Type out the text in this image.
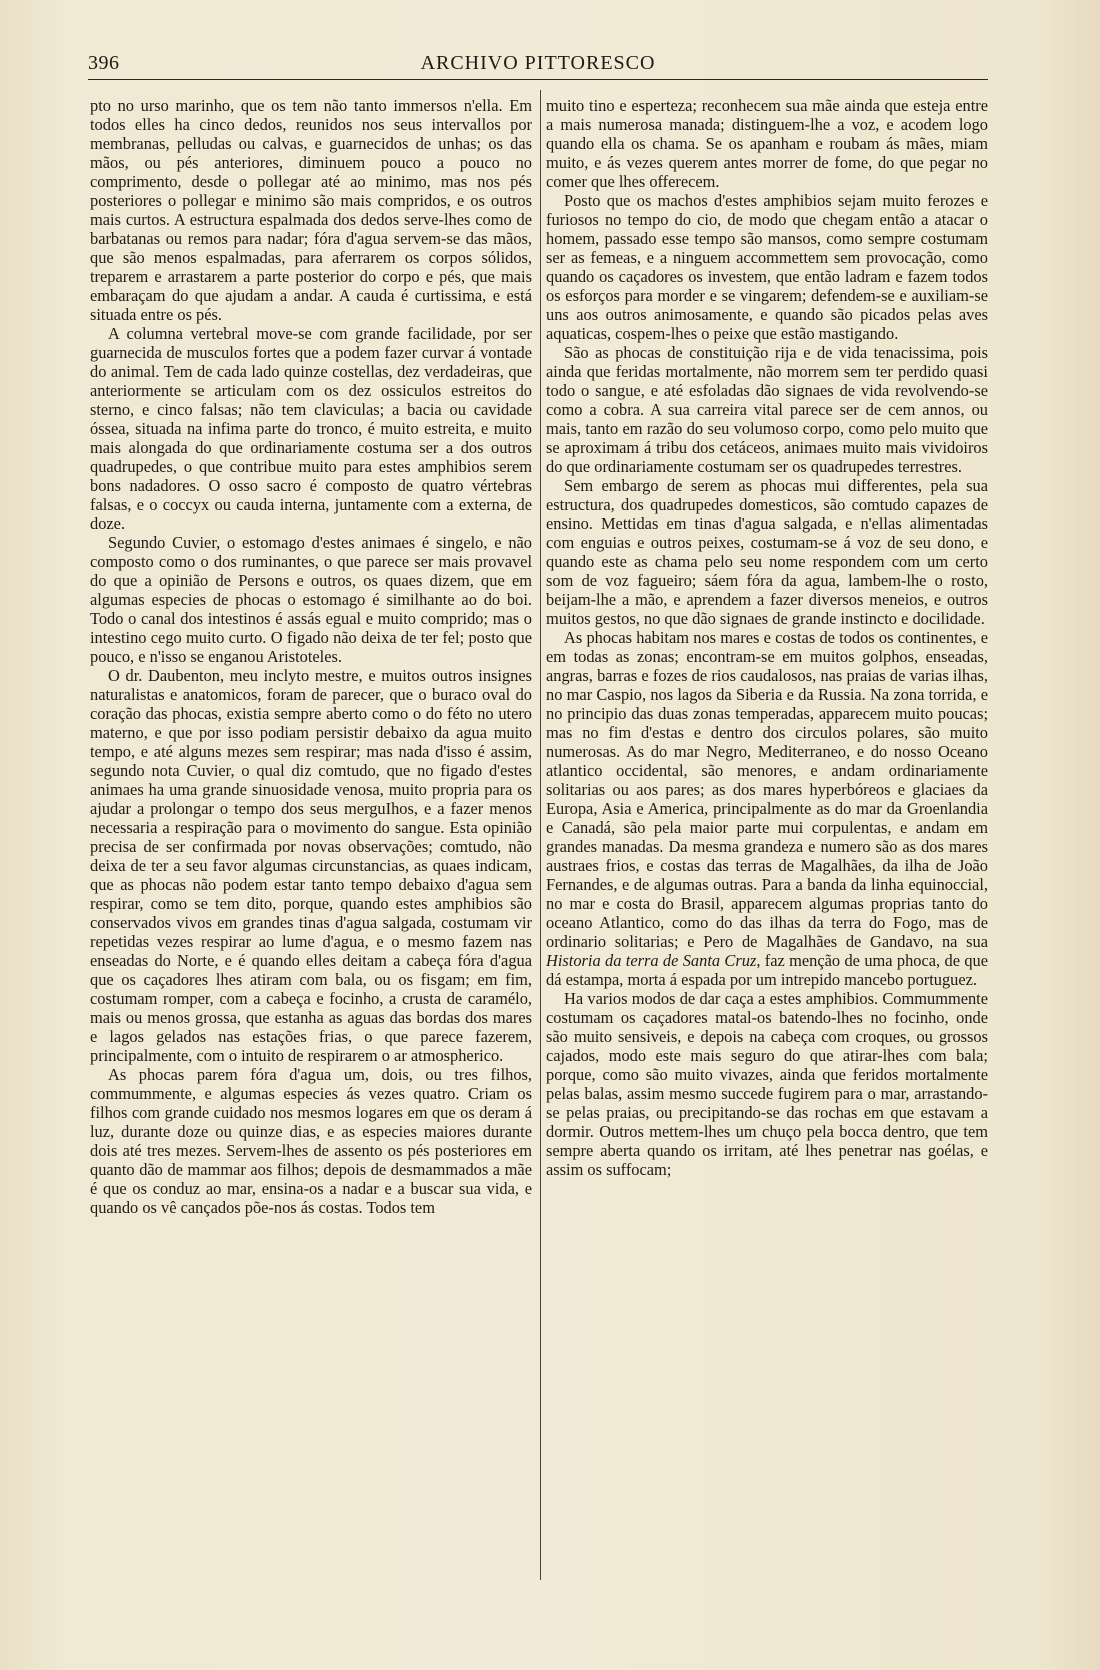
396	ARCHIVO PITTORESCO

pto no urso marinho, que os tem não tanto immersos n'ella. Em todos elles ha cinco dedos, reunidos nos seus intervallos por membranas, pelludas ou calvas, e guarnecidos de unhas; os das mãos, ou pés anteriores, diminuem pouco a pouco no comprimento, desde o pollegar até ao minimo, mas nos pés posteriores o pollegar e minimo são mais compridos, e os outros mais curtos. A estructura espalmada dos dedos serve-lhes como de barbatanas ou remos para nadar; fóra d'agua servem-se das mãos, que são menos espalmadas, para aferrarem os corpos sólidos, treparem e arrastarem a parte posterior do corpo e pés, que mais embaraçam do que ajudam a andar. A cauda é curtissima, e está situada entre os pés.

A columna vertebral move-se com grande facilidade, por ser guarnecida de musculos fortes que a podem fazer curvar á vontade do animal. Tem de cada lado quinze costellas, dez verdadeiras, que anteriormente se articulam com os dez ossiculos estreitos do sterno, e cinco falsas; não tem claviculas; a bacia ou cavidade óssea, situada na infima parte do tronco, é muito estreita, e muito mais alongada do que ordinariamente costuma ser a dos outros quadrupedes, o que contribue muito para estes amphibios serem bons nadadores. O osso sacro é composto de quatro vértebras falsas, e o coccyx ou cauda interna, juntamente com a externa, de doze.

Segundo Cuvier, o estomago d'estes animaes é singelo, e não composto como o dos ruminantes, o que parece ser mais provavel do que a opinião de Persons e outros, os quaes dizem, que em algumas especies de phocas o estomago é similhante ao do boi. Todo o canal dos intestinos é assás egual e muito comprido; mas o intestino cego muito curto. O figado não deixa de ter fel; posto que pouco, e n'isso se enganou Aristoteles.

O dr. Daubenton, meu inclyto mestre, e muitos outros insignes naturalistas e anatomicos, foram de parecer, que o buraco oval do coração das phocas, existia sempre aberto como o do féto no utero materno, e que por isso podiam persistir debaixo da agua muito tempo, e até alguns mezes sem respirar; mas nada d'isso é assim, segundo nota Cuvier, o qual diz comtudo, que no figado d'estes animaes ha uma grande sinuosidade venosa, muito propria para os ajudar a prolongar o tempo dos seus merguIhos, e a fazer menos necessaria a respiração para o movimento do sangue. Esta opinião precisa de ser confirmada por novas observações; comtudo, não deixa de ter a seu favor algumas circunstancias, as quaes indicam, que as phocas não podem estar tanto tempo debaixo d'agua sem respirar, como se tem dito, porque, quando estes amphibios são conservados vivos em grandes tinas d'agua salgada, costumam vir repetidas vezes respirar ao lume d'agua, e o mesmo fazem nas enseadas do Norte, e é quando elles deitam a cabeça fóra d'agua que os caçadores lhes atiram com bala, ou os fisgam; em fim, costumam romper, com a cabeça e focinho, a crusta de caramélo, mais ou menos grossa, que estanha as aguas das bordas dos mares e lagos gelados nas estações frias, o que parece fazerem, principalmente, com o intuito de respirarem o ar atmospherico.

As phocas parem fóra d'agua um, dois, ou tres filhos, commummente, e algumas especies ás vezes quatro. Criam os filhos com grande cuidado nos mesmos logares em que os deram á luz, durante doze ou quinze dias, e as especies maiores durante dois até tres mezes. Servem-lhes de assento os pés posteriores em quanto dão de mammar aos filhos; depois de desmammados a mãe é que os conduz ao mar, ensina-os a nadar e a buscar sua vida, e quando os vê cançados põe-nos ás costas. Todos tem

muito tino e esperteza; reconhecem sua mãe ainda que esteja entre a mais numerosa manada; distinguem-lhe a voz, e acodem logo quando ella os chama. Se os apanham e roubam ás mães, miam muito, e ás vezes querem antes morrer de fome, do que pegar no comer que lhes offerecem.

Posto que os machos d'estes amphibios sejam muito ferozes e furiosos no tempo do cio, de modo que chegam então a atacar o homem, passado esse tempo são mansos, como sempre costumam ser as femeas, e a ninguem accommettem sem provocação, como quando os caçadores os investem, que então ladram e fazem todos os esforços para morder e se vingarem; defendem-se e auxiliam-se uns aos outros animosamente, e quando são picados pelas aves aquaticas, cospem-lhes o peixe que estão mastigando.

São as phocas de constituição rija e de vida tenacissima, pois ainda que feridas mortalmente, não morrem sem ter perdido quasi todo o sangue, e até esfoladas dão signaes de vida revolvendo-se como a cobra. A sua carreira vital parece ser de cem annos, ou mais, tanto em razão do seu volumoso corpo, como pelo muito que se aproximam á tribu dos cetáceos, animaes muito mais vividoiros do que ordinariamente costumam ser os quadrupedes terrestres.

Sem embargo de serem as phocas mui differentes, pela sua estructura, dos quadrupedes domesticos, são comtudo capazes de ensino. Mettidas em tinas d'agua salgada, e n'ellas alimentadas com enguias e outros peixes, costumam-se á voz de seu dono, e quando este as chama pelo seu nome respondem com um certo som de voz fagueiro; sáem fóra da agua, lambem-lhe o rosto, beijam-lhe a mão, e aprendem a fazer diversos meneios, e outros muitos gestos, no que dão signaes de grande instincto e docilidade.

As phocas habitam nos mares e costas de todos os continentes, e em todas as zonas; encontram-se em muitos golphos, enseadas, angras, barras e fozes de rios caudalosos, nas praias de varias ilhas, no mar Caspio, nos lagos da Siberia e da Russia. Na zona torrida, e no principio das duas zonas temperadas, apparecem muito poucas; mas no fim d'estas e dentro dos circulos polares, são muito numerosas. As do mar Negro, Mediterraneo, e do nosso Oceano atlantico occidental, são menores, e andam ordinariamente solitarias ou aos pares; as dos mares hyperbóreos e glaciaes da Europa, Asia e America, principalmente as do mar da Groenlandia e Canadá, são pela maior parte mui corpulentas, e andam em grandes manadas. Da mesma grandeza e numero são as dos mares austraes frios, e costas das terras de Magalhães, da ilha de João Fernandes, e de algumas outras. Para a banda da linha equinoccial, no mar e costa do Brasil, apparecem algumas proprias tanto do oceano Atlantico, como do das ilhas da terra do Fogo, mas de ordinario solitarias; e Pero de Magalhães de Gandavo, na sua Historia da terra de Santa Cruz, faz menção de uma phoca, de que dá estampa, morta á espada por um intrepido mancebo portuguez.

Ha varios modos de dar caça a estes amphibios. Commummente costumam os caçadores matal-os batendo-lhes no focinho, onde são muito sensiveis, e depois na cabeça com croques, ou grossos cajados, modo este mais seguro do que atirar-lhes com bala; porque, como são muito vivazes, ainda que feridos mortalmente pelas balas, assim mesmo succede fugirem para o mar, arrastando-se pelas praias, ou precipitando-se das rochas em que estavam a dormir. Outros mettem-lhes um chuço pela bocca dentro, que tem sempre aberta quando os irritam, até lhes penetrar nas goélas, e assim os suffocam;
